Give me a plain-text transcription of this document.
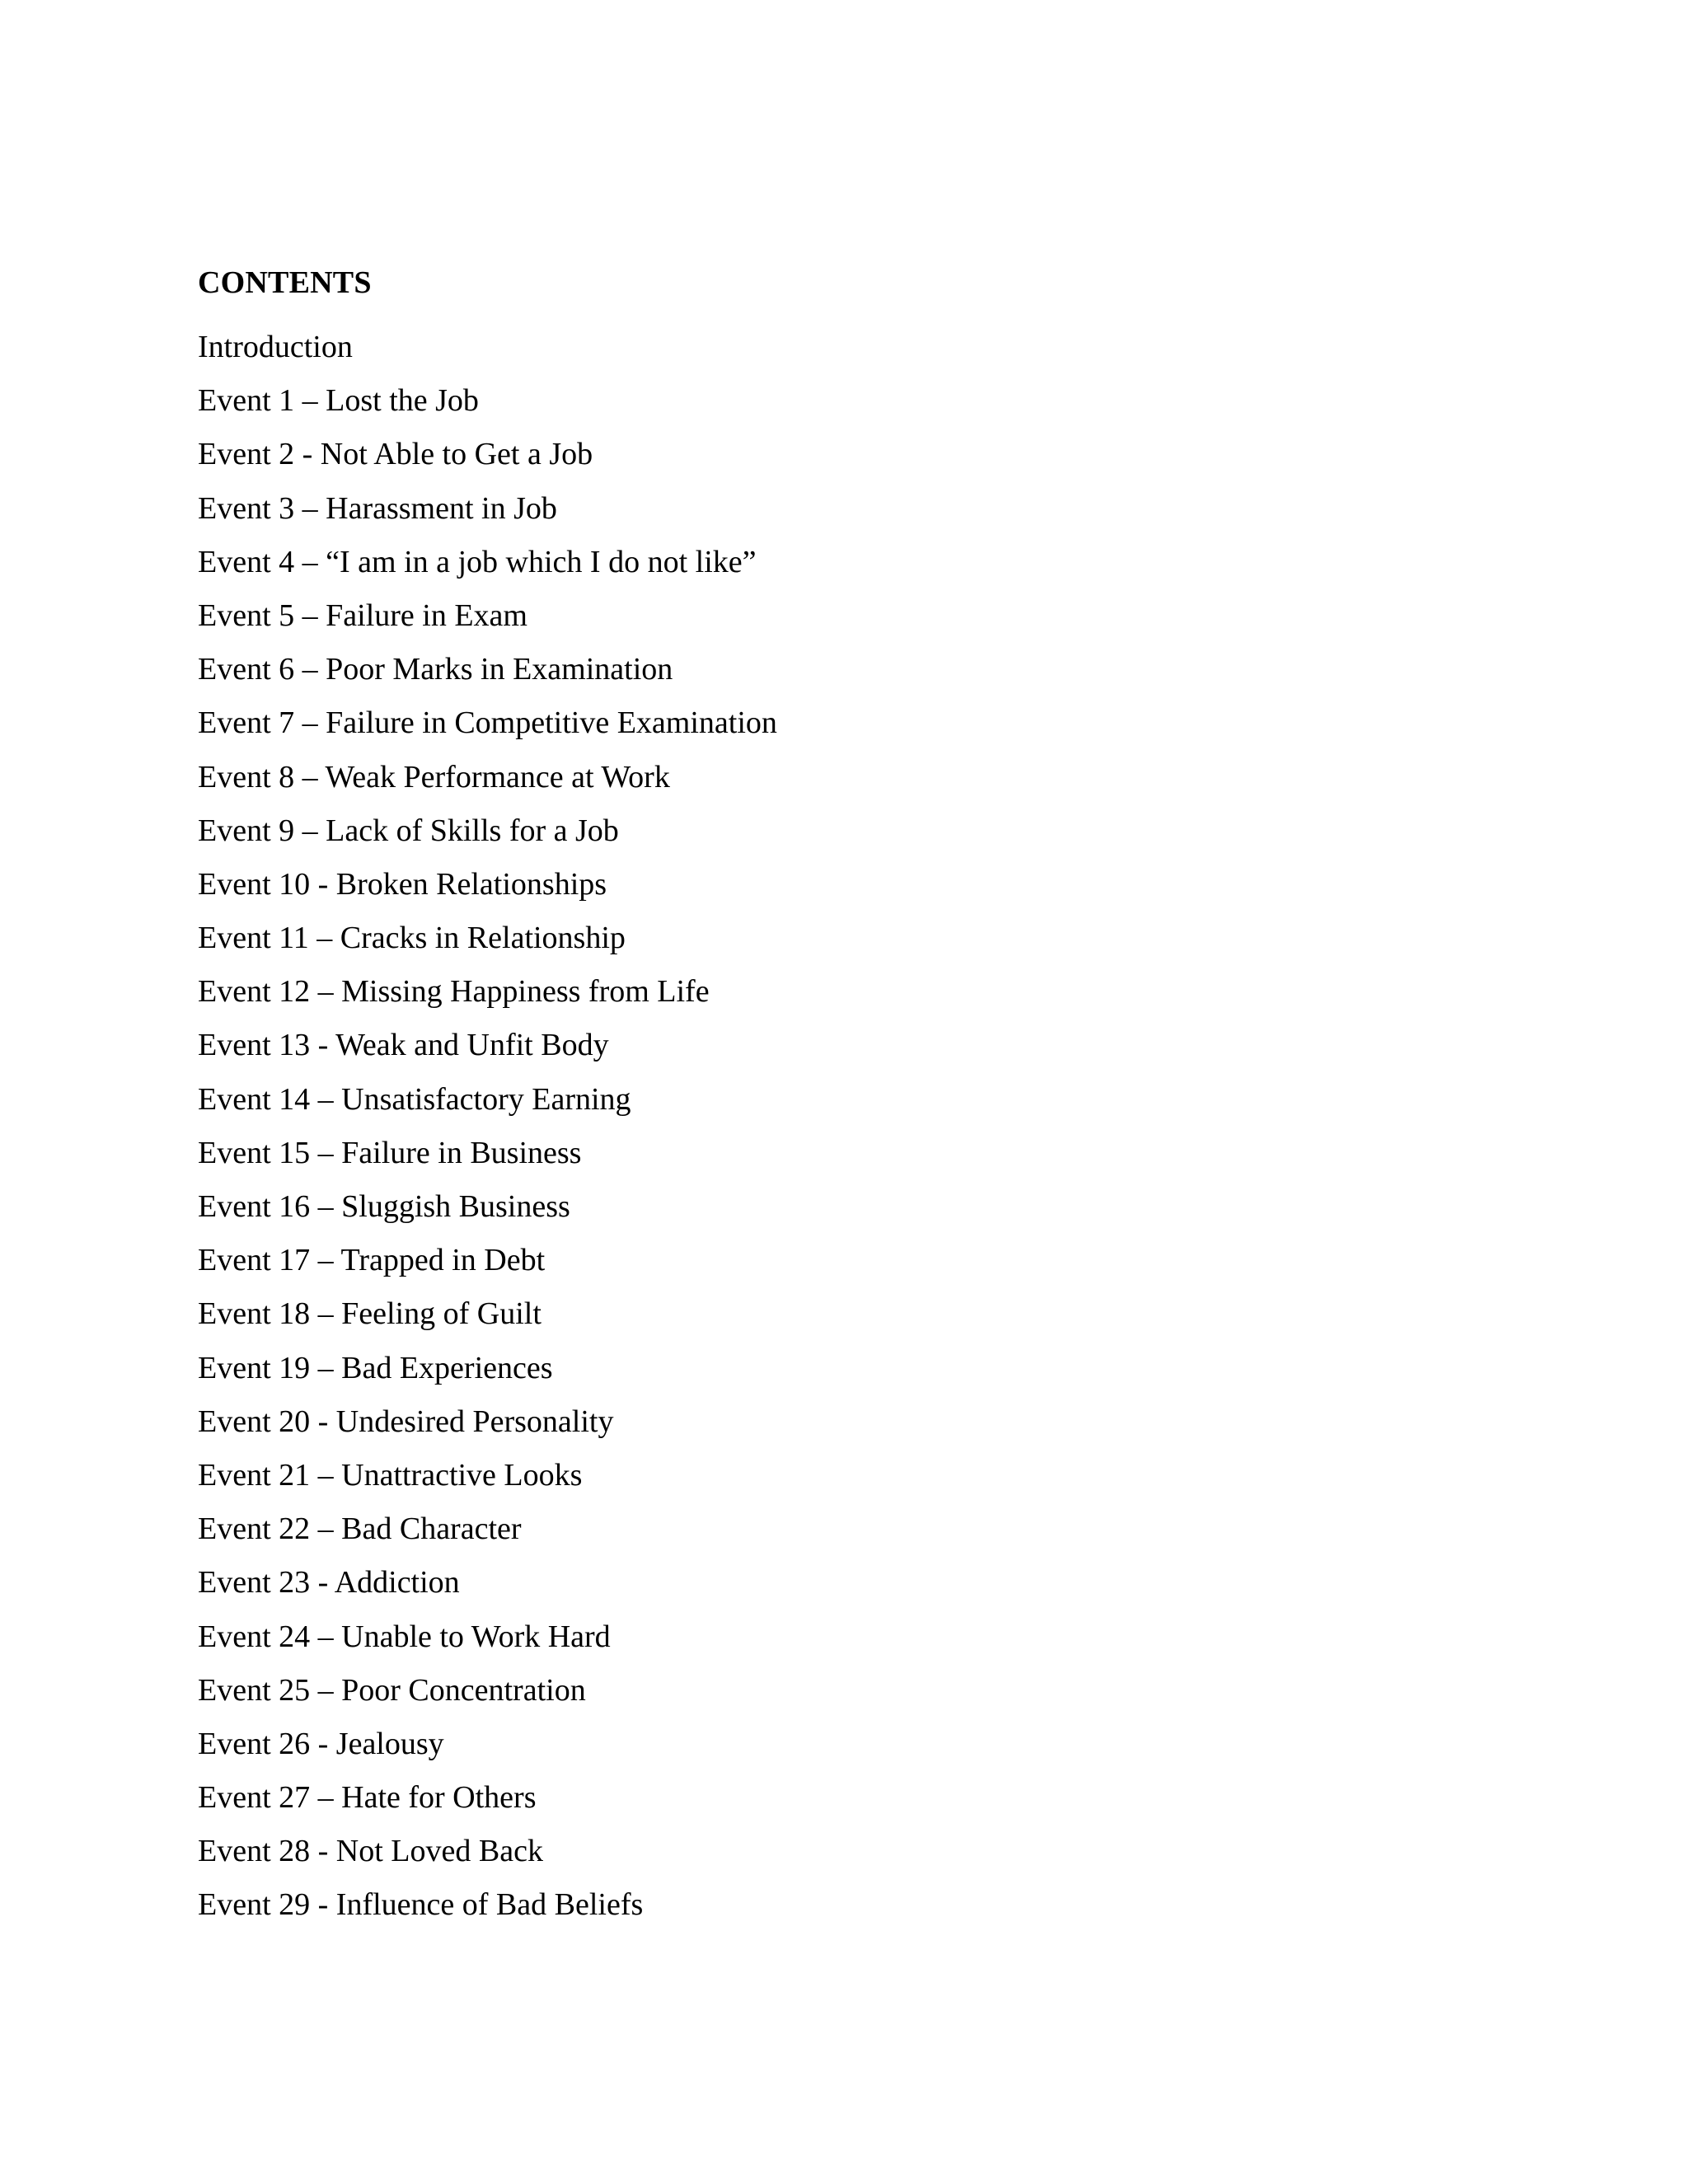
CONTENTS
Introduction
Event 1 – Lost the Job
Event 2 - Not Able to Get a Job
Event 3 – Harassment in Job
Event 4 – “I am in a job which I do not like”
Event 5 – Failure in Exam
Event 6 – Poor Marks in Examination
Event 7 – Failure in Competitive Examination
Event 8 – Weak Performance at Work
Event 9 – Lack of Skills for a Job
Event 10 - Broken Relationships
Event 11 – Cracks in Relationship
Event 12 – Missing Happiness from Life
Event 13 - Weak and Unfit Body
Event 14 – Unsatisfactory Earning
Event 15 – Failure in Business
Event 16 – Sluggish Business
Event 17 – Trapped in Debt
Event 18 – Feeling of Guilt
Event 19 – Bad Experiences
Event 20 - Undesired Personality
Event 21 – Unattractive Looks
Event 22 – Bad Character
Event 23 - Addiction
Event 24 – Unable to Work Hard
Event 25 – Poor Concentration
Event 26 - Jealousy
Event 27 – Hate for Others
Event 28 - Not Loved Back
Event 29 - Influence of Bad Beliefs
